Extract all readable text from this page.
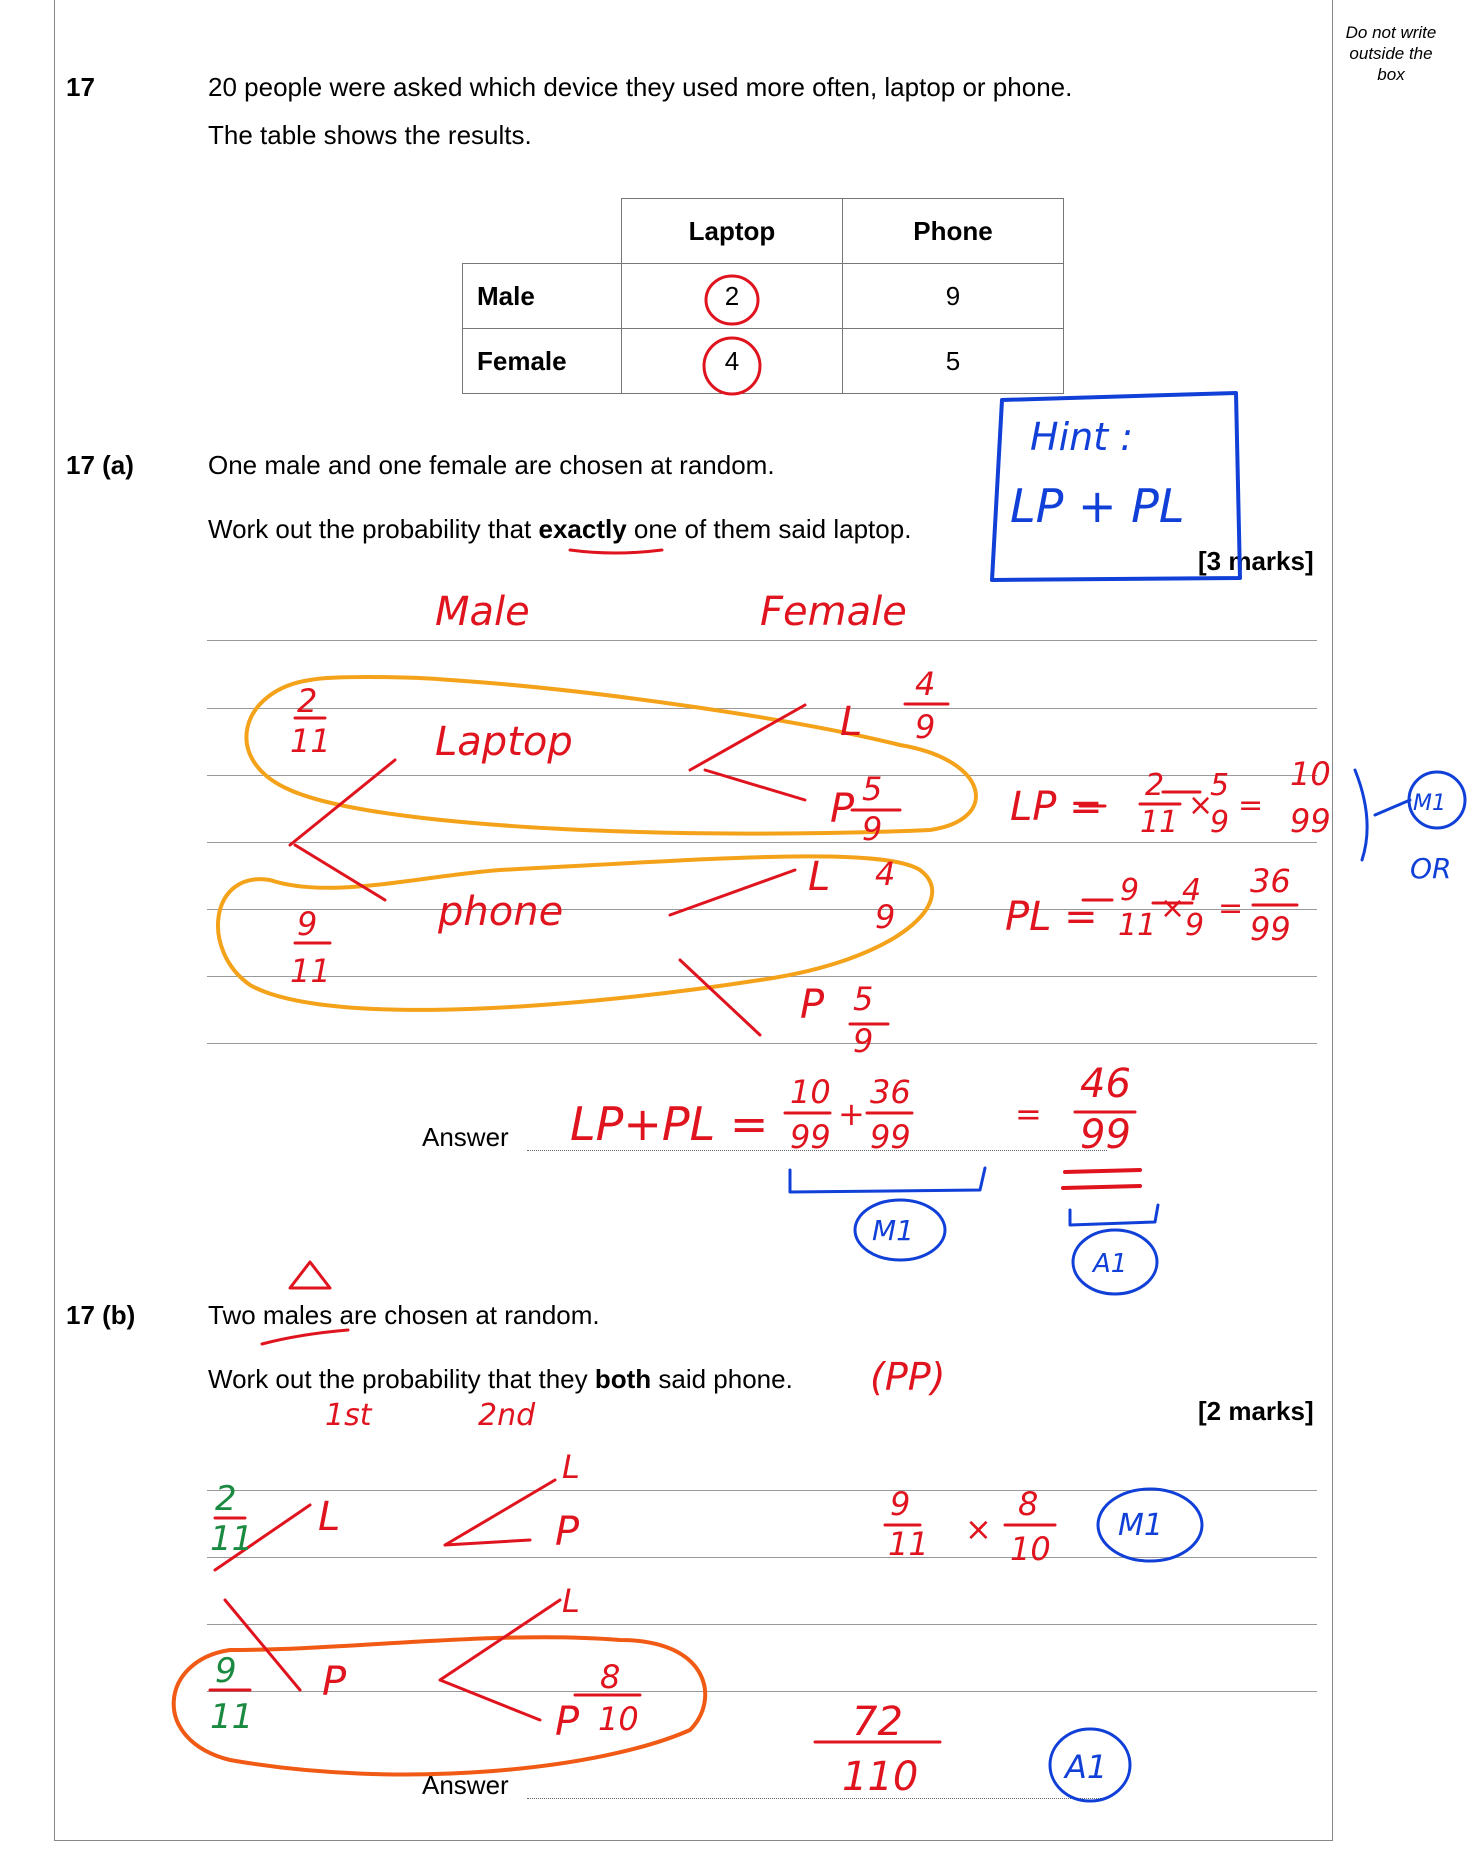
Do not write
outside the
box
17	20 people were asked which device they used more often, laptop or phone.
The table shows the results.
	Laptop	Phone
Male	2	9
Female	4	5
17 (a)	One male and one female are chosen at random.
Work out the probability that exactly one of them said laptop.
[3 marks]
Answer
17 (b)	Two males are chosen at random.
Work out the probability that they both said phone.
[2 marks]
Answer
Hint :
LP + PL
M1
OR
M1
A1
M1
A1
Male	Female
Laptop
phone
2
11
9
11
L
4
9
P 5
9
L 4
9
P 5
9
LP = 2
11 ×
5
9 =
10
99
PL =
9
11 ×
4
9 =
36
99
LP+PL =
10
99
+
36
99
=
46
99
(PP)
1st	2nd
L
L
P
P
L
P
8
10
9
11 ×
8
10
72
110
2
11
9
11
